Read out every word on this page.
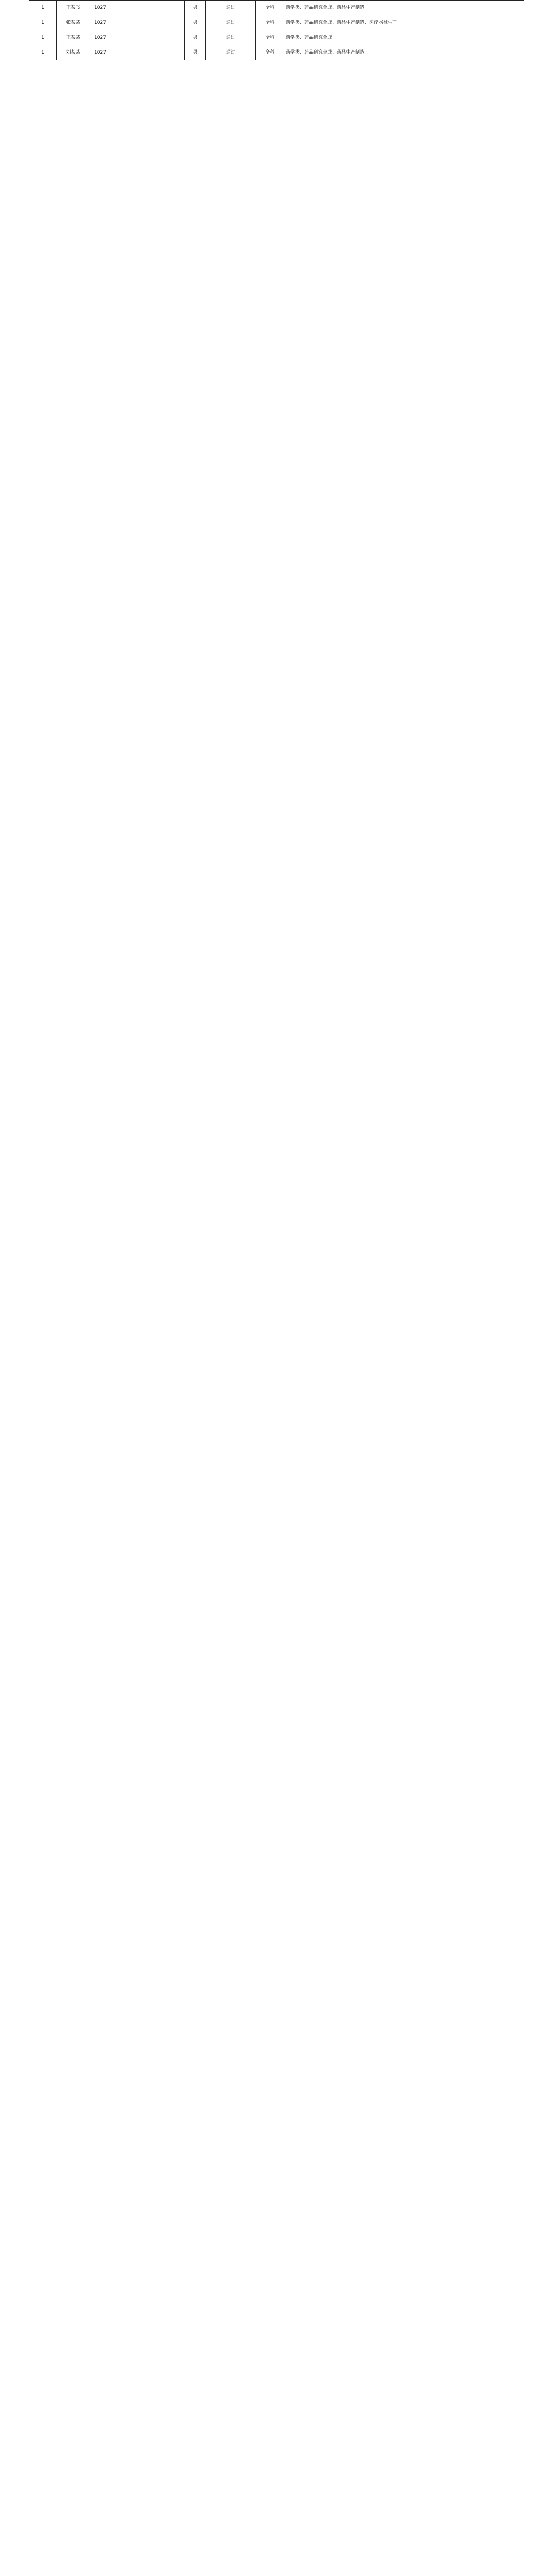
1	王某飞	1027	男	通过	全科	药学类、药品研究合成、药品生产制造
1	张某某	1027	男	通过	全科	药学类、药品研究合成、药品生产制造、医疗器械生产
1	王某某	1027	男	通过	全科	药学类、药品研究合成
1	刘某某	1027	男	通过	全科	药学类、药品研究合成、药品生产制造
